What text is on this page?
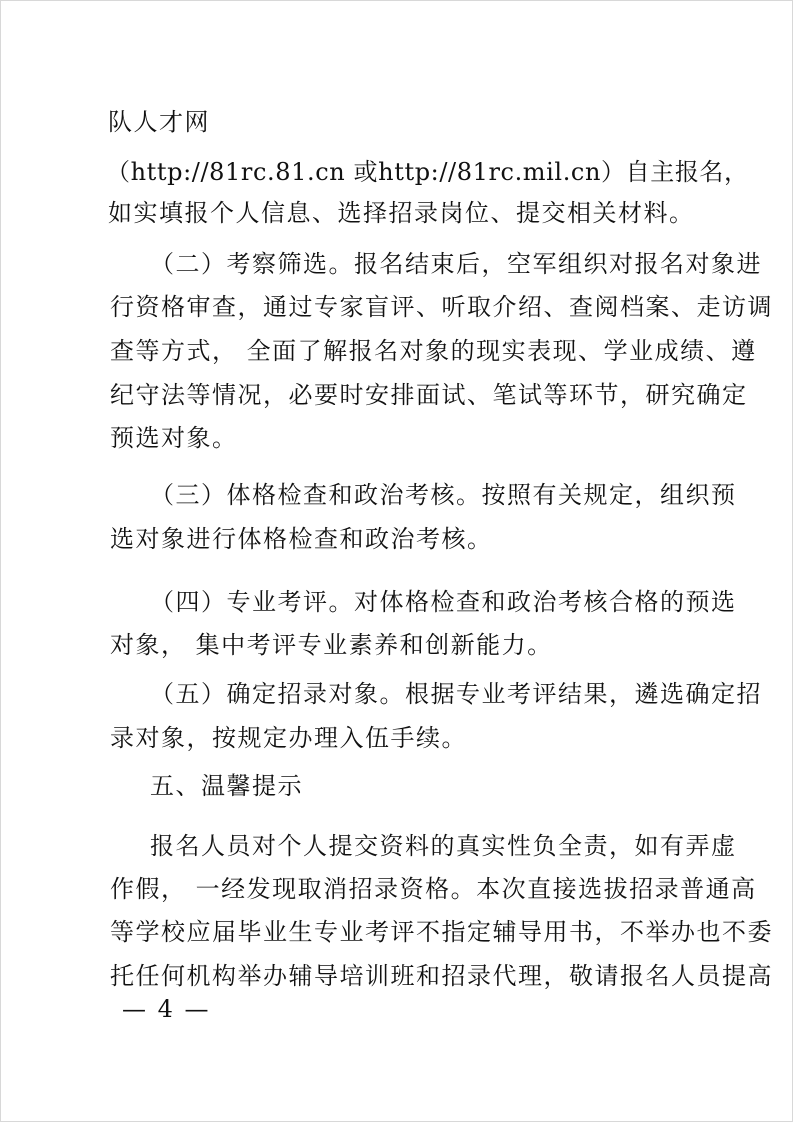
队人才网
（http://81rc.81.cn 或http://81rc.mil.cn）自主报名，
如实填报个人信息、选择招录岗位、提交相关材料。
（二）考察筛选。报名结束后，空军组织对报名对象进
行资格审查，通过专家盲评、听取介绍、查阅档案、走访调
查等方式， 全面了解报名对象的现实表现、学业成绩、遵
纪守法等情况，必要时安排面试、笔试等环节，研究确定
预选对象。
（三）体格检查和政治考核。按照有关规定，组织预
选对象进行体格检查和政治考核。
（四）专业考评。对体格检查和政治考核合格的预选
对象， 集中考评专业素养和创新能力。
（五）确定招录对象。根据专业考评结果，遴选确定招
录对象，按规定办理入伍手续。
五、温馨提示
报名人员对个人提交资料的真实性负全责，如有弄虚
作假， 一经发现取消招录资格。本次直接选拔招录普通高
等学校应届毕业生专业考评不指定辅导用书，不举办也不委
托任何机构举办辅导培训班和招录代理，敬请报名人员提高
— 4 —
